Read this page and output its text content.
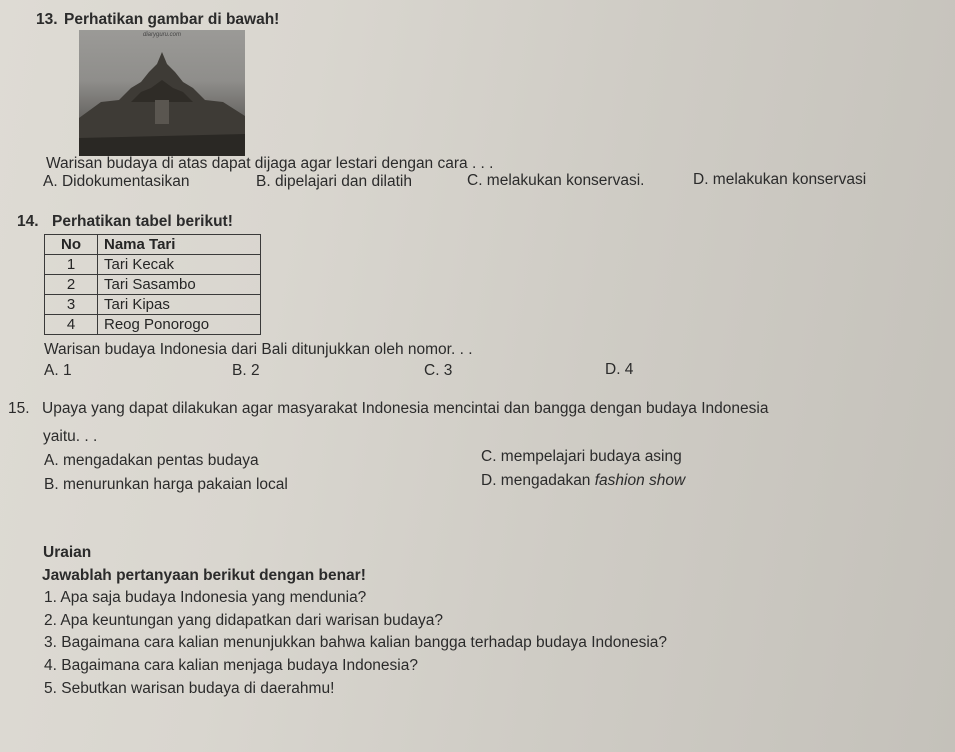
13. Perhatikan gambar di bawah!
diaryguru.com
Warisan budaya di atas dapat dijaga agar lestari dengan cara . . .
A. Didokumentasikan	B. dipelajari dan dilatih	C. melakukan konservasi.	D. melakukan konservasi
14. Perhatikan tabel berikut!
No	Nama Tari
1	Tari Kecak
2	Tari Sasambo
3	Tari Kipas
4	Reog Ponorogo
Warisan budaya Indonesia dari Bali ditunjukkan oleh nomor. . .
A. 1	B. 2	C. 3	D. 4
15. Upaya yang dapat dilakukan agar masyarakat Indonesia mencintai dan bangga dengan budaya Indonesia
yaitu. . .
A. mengadakan pentas budaya	C. mempelajari budaya asing
B. menurunkan harga pakaian local	D. mengadakan fashion show
Uraian
Jawablah pertanyaan berikut dengan benar!
1. Apa saja budaya Indonesia yang mendunia?
2. Apa keuntungan yang didapatkan dari warisan budaya?
3. Bagaimana cara kalian menunjukkan bahwa kalian bangga terhadap budaya Indonesia?
4. Bagaimana cara kalian menjaga budaya Indonesia?
5. Sebutkan warisan budaya di daerahmu!
